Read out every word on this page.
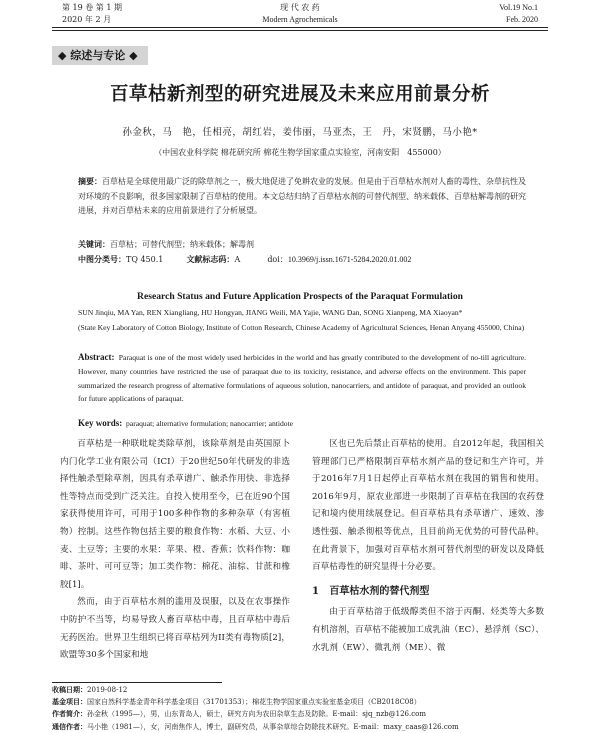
第 19 卷 第 1 期
2020 年 2 月
现 代 农 药
Modern Agrochemicals
Vol.19 No.1
Feb. 2020
◆ 综述与专论 ◆
百草枯新剂型的研究进展及未来应用前景分析
孙金秋，马　艳，任相亮，胡红岩，姜伟丽，马亚杰，王　丹，宋贤鹏，马小艳*
（中国农业科学院 棉花研究所 棉花生物学国家重点实验室，河南安阳　455000）
摘要：百草枯是全球使用最广泛的除草剂之一，极大地促进了免耕农业的发展。但是由于百草枯水剂对人畜的毒性、杂草抗性及对环境的不良影响，很多国家限制了百草枯的使用。本文总结归纳了百草枯水剂的可替代剂型、纳米载体、百草枯解毒剂的研究进展，并对百草枯未来的应用前景进行了分析展望。
关键词：百草枯；可替代剂型；纳米载体；解毒剂
中图分类号：TQ 450.1	文献标志码：A	doi：10.3969/j.issn.1671-5284.2020.01.002
Research Status and Future Application Prospects of the Paraquat Formulation
SUN Jinqiu, MA Yan, REN Xiangliang, HU Hongyan, JIANG Weili, MA Yajie, WANG Dan, SONG Xianpeng, MA Xiaoyan*
(State Key Laboratory of Cotton Biology, Institute of Cotton Research, Chinese Academy of Agricultural Sciences, Henan Anyang 455000, China)
Abstract: Paraquat is one of the most widely used herbicides in the world and has greatly contributed to the development of no-till agriculture. However, many countries have restricted the use of paraquat due to its toxicity, resistance, and adverse effects on the environment. This paper summarized the research progress of alternative formulations of aqueous solution, nanocarriers, and antidote of paraquat, and provided an outlook for future applications of paraquat.
Key words: paraquat; alternative formulation; nanocarrier; antidote

百草枯是一种联吡啶类除草剂，该除草剂是由英国原卜内门化学工业有限公司（ICI）于20世纪50年代研发的非选择性触杀型除草剂，因具有杀草谱广、触杀作用快、非选择性等特点而受到广泛关注。自投入使用至今，已在近90个国家获得使用许可，可用于100多种作物的多种杂草（有害植物）控制。这些作物包括主要的粮食作物：水稻、大豆、小麦、土豆等；主要的水果：苹果、橙、香蕉；饮料作物：咖啡、茶叶、可可豆等；加工类作物：棉花、油棕、甘蔗和橡胶[1]。

然而，由于百草枯水剂的滥用及误服，以及在农事操作中防护不当等，均易导致人畜百草枯中毒，且百草枯中毒后无药医治。世界卫生组织已将百草枯列为II类有毒物质[2]，欧盟等30多个国家和地

区也已先后禁止百草枯的使用。自2012年起，我国相关管理部门已严格限制百草枯水剂产品的登记和生产许可，并于2016年7月1日起停止百草枯水剂在我国的销售和使用。2016年9月，原农业部进一步限制了百草枯在我国的农药登记和境内使用续展登记。但百草枯具有杀草谱广、速效、渗透性强、触杀彻根等优点，且目前尚无优势的可替代品种。在此背景下，加强对百草枯水剂可替代剂型的研发以及降低百草枯毒性的研究显得十分必要。

1 百草枯水剂的替代剂型

由于百草枯溶于低级醇类但不溶于丙酮、烃类等大多数有机溶剂，百草枯不能被加工成乳油（EC）、悬浮剂（SC）、水乳剂（EW）、微乳剂（ME）、微

收稿日期：2019-08-12
基金项目：国家自然科学基金青年科学基金项目（31701353）；棉花生物学国家重点实验室基金项目（CB2018C08）
作者简介：孙金秋（1995—），男，山东青岛人，硕士，研究方向为农田杂草生态及防除。E-mail：sjq_nzb@126.com
通信作者：马小艳（1981—），女，河南焦作人，博士，副研究员，从事杂草综合防除技术研究。E-mail：maxy_caas@126.com
